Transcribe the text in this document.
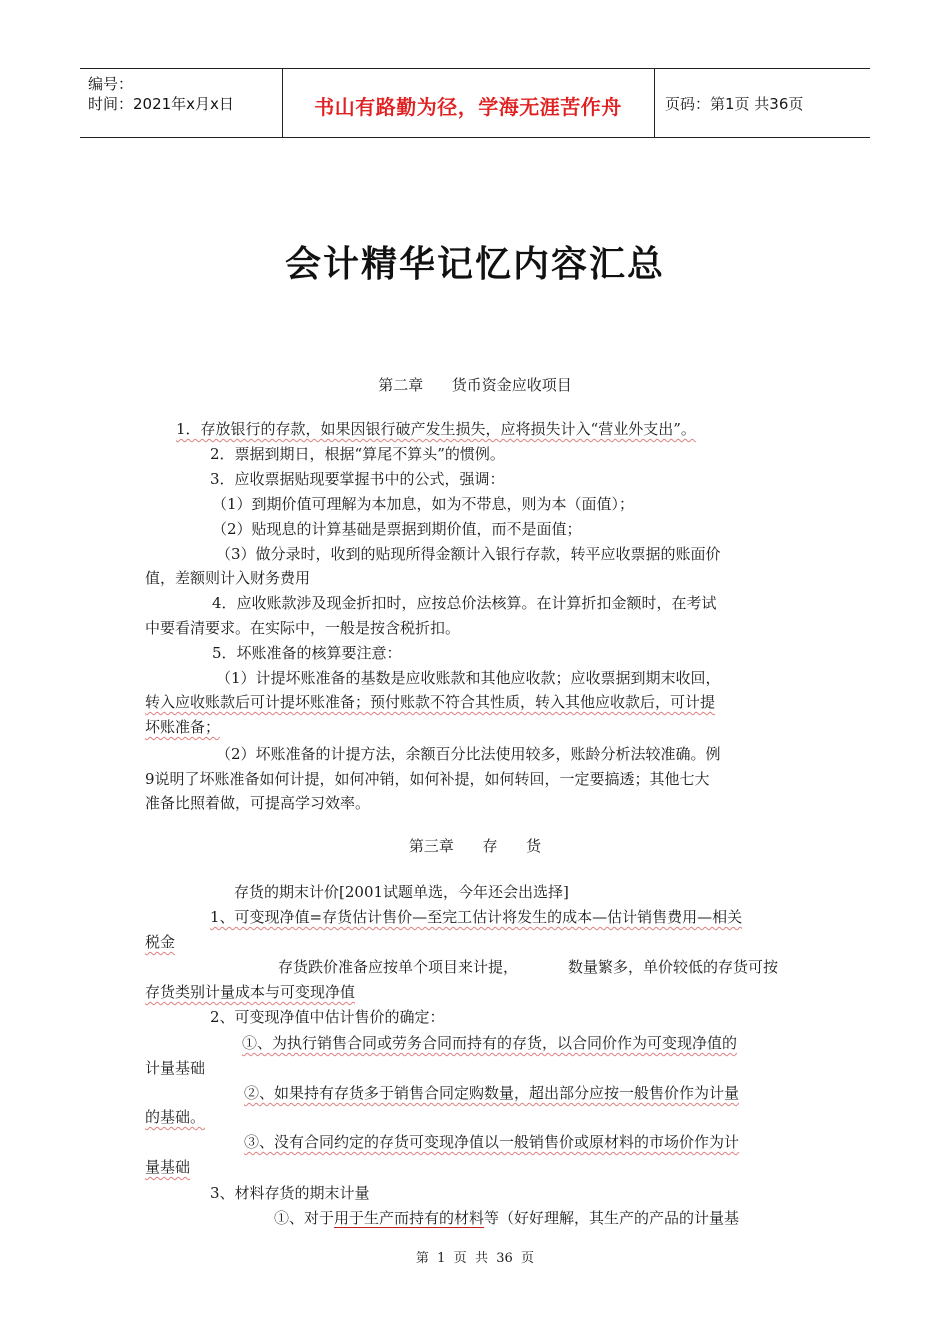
编号：
时间：2021年x月x日	书山有路勤为径，学海无涯苦作舟	页码：第1页 共36页
会计精华记忆内容汇总
第二章      货币资金应收项目
1．存放银行的存款，如果因银行破产发生损失，应将损失计入“营业外支出”。
2．票据到期日，根据“算尾不算头”的惯例。
3．应收票据贴现要掌握书中的公式，强调：
（1）到期价值可理解为本加息，如为不带息，则为本（面值）；
（2）贴现息的计算基础是票据到期价值，而不是面值；
（3）做分录时，收到的贴现所得金额计入银行存款，转平应收票据的账面价
值，差额则计入财务费用
4．应收账款涉及现金折扣时，应按总价法核算。在计算折扣金额时，在考试
中要看清要求。在实际中，一般是按含税折扣。
5．坏账准备的核算要注意：
（1）计提坏账准备的基数是应收账款和其他应收款；应收票据到期末收回，
转入应收账款后可计提坏账准备；预付账款不符合其性质，转入其他应收款后，可计提
坏账准备；
（2）坏账准备的计提方法，余额百分比法使用较多，账龄分析法较准确。例
9说明了坏账准备如何计提，如何冲销，如何补提，如何转回，一定要搞透；其他七大
准备比照着做，可提高学习效率。
第三章      存      货
存货的期末计价[2001试题单选，今年还会出选择]
1、可变现净值=存货估计售价—至完工估计将发生的成本—估计销售费用—相关
税金
存货跌价准备应按单个项目来计提，	数量繁多，单价较低的存货可按
存货类别计量成本与可变现净值
2、可变现净值中估计售价的确定：
①、为执行销售合同或劳务合同而持有的存货，以合同价作为可变现净值的
计量基础
②、如果持有存货多于销售合同定购数量，超出部分应按一般售价作为计量
的基础。
③、没有合同约定的存货可变现净值以一般销售价或原材料的市场价作为计
量基础
3、材料存货的期末计量
①、对于用于生产而持有的材料等（好好理解，其生产的产品的计量基
第  1  页  共  36  页
